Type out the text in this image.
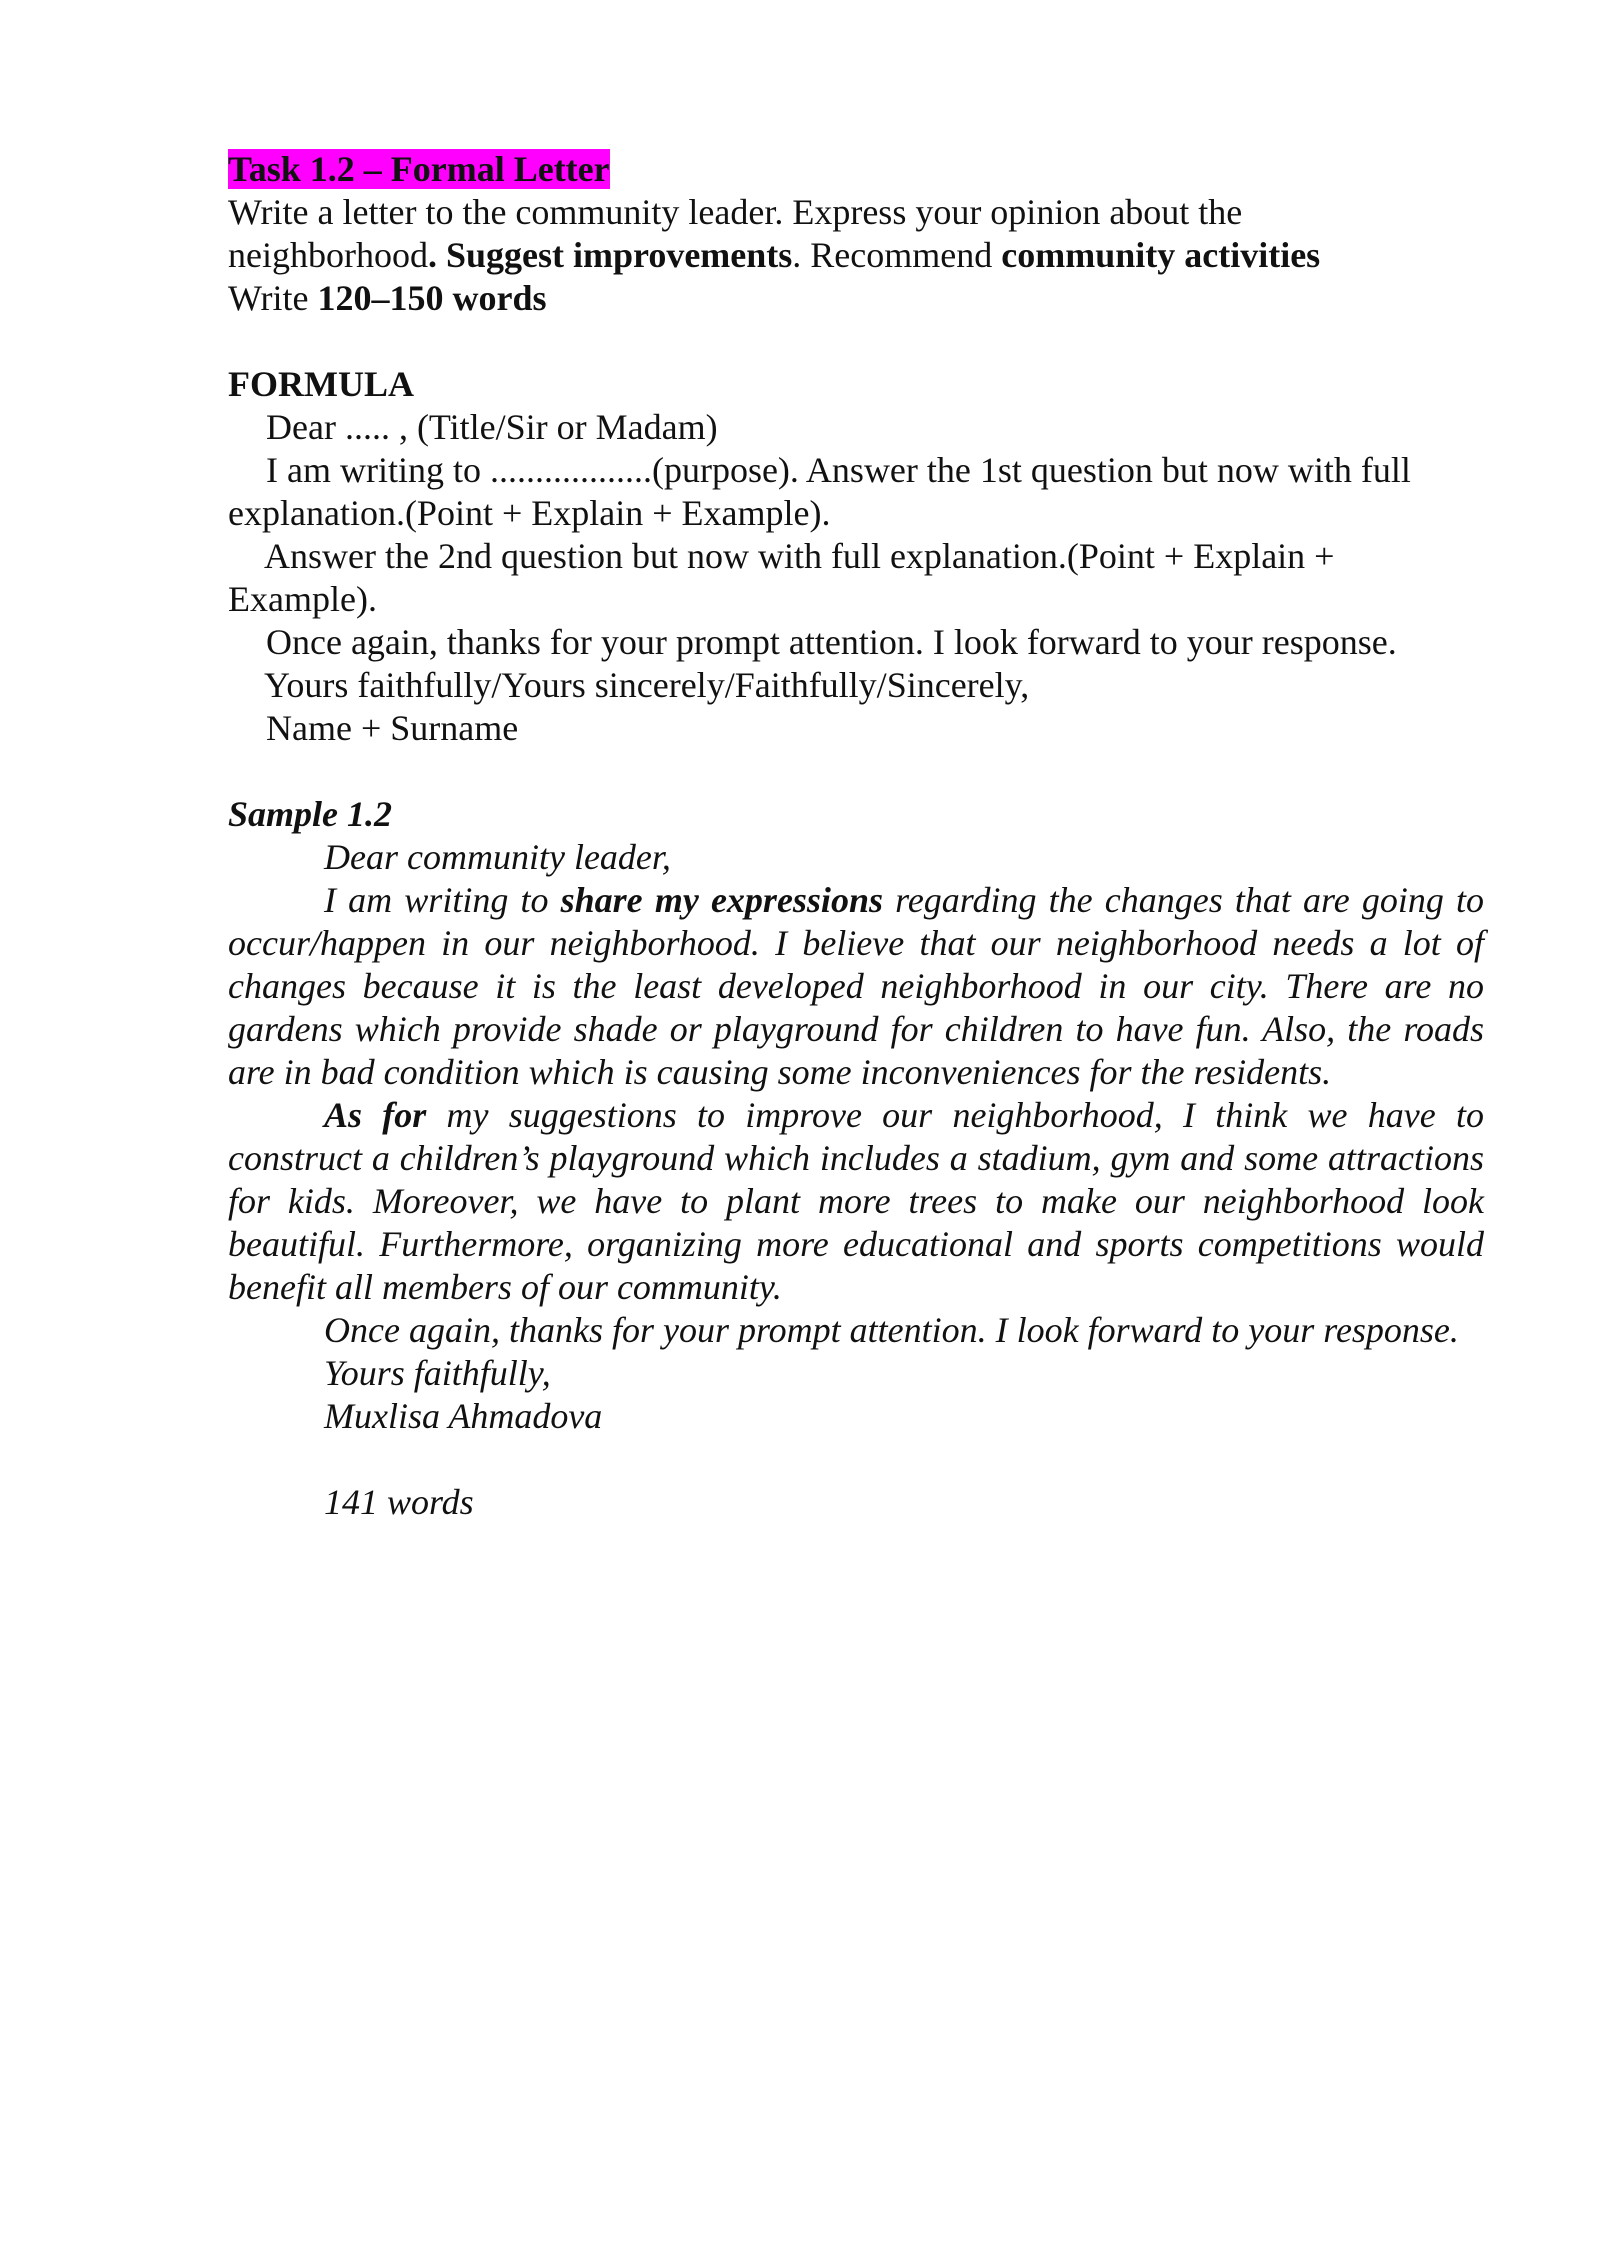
Task 1.2 – Formal Letter
Write a letter to the community leader. Express your opinion about the
neighborhood. Suggest improvements. Recommend community activities
Write 120–150 words
FORMULA
Dear ..... , (Title/Sir or Madam)
I am writing to ..................(purpose). Answer the 1st question but now with full
explanation.(Point + Explain + Example).
Answer the 2nd question but now with full explanation.(Point + Explain +
Example).
Once again, thanks for your prompt attention. I look forward to your response.
Yours faithfully/Yours sincerely/Faithfully/Sincerely,
Name + Surname
Sample 1.2

Dear community leader,

I am writing to share my expressions regarding the changes that are going to occur/happen in our neighborhood. I believe that our neighborhood needs a lot of changes because it is the least developed neighborhood in our city. There are no gardens which provide shade or playground for children to have fun. Also, the roads are in bad condition which is causing some inconveniences for the residents.

As for my suggestions to improve our neighborhood, I think we have to construct a children’s playground which includes a stadium, gym and some attractions for kids. Moreover, we have to plant more trees to make our neighborhood look beautiful. Furthermore, organizing more educational and sports competitions would benefit all members of our community.

Once again, thanks for your prompt attention. I look forward to your response.

Yours faithfully,

Muxlisa Ahmadova

141 words
